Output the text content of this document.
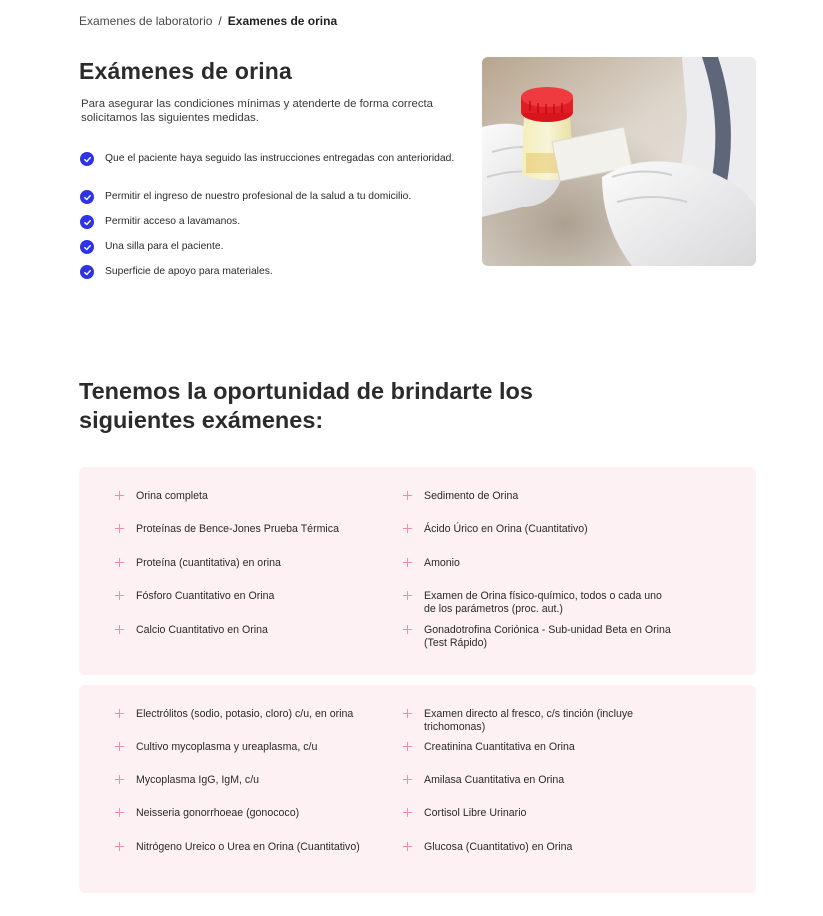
Examenes de laboratorio / Examenes de orina
Exámenes de orina

Para asegurar las condiciones mínimas y atenderte de forma correcta solicitamos las siguientes medidas.

Que el paciente haya seguido las instrucciones entregadas con anterioridad.
Permitir el ingreso de nuestro profesional de la salud a tu domicilio.
Permitir acceso a lavamanos.
Una silla para el paciente.
Superficie de apoyo para materiales.
Tenemos la oportunidad de brindarte los siguientes exámenes:
Orina completa
Proteínas de Bence-Jones Prueba Térmica
Proteína (cuantitativa) en orina
Fósforo Cuantitativo en Orina
Calcio Cuantitativo en Orina
Sedimento de Orina
Ácido Úrico en Orina (Cuantitativo)
Amonio
Examen de Orina físico-químico, todos o cada uno de los parámetros (proc. aut.)
Gonadotrofina Coriónica - Sub-unidad Beta en Orina (Test Rápido)
Electrólitos (sodio, potasio, cloro) c/u, en orina
Cultivo mycoplasma y ureaplasma, c/u
Mycoplasma IgG, IgM, c/u
Neisseria gonorrhoeae (gonococo)
Nitrógeno Ureico o Urea en Orina (Cuantitativo)
Examen directo al fresco, c/s tinción (incluye trichomonas)
Creatinina Cuantitativa en Orina
Amilasa Cuantitativa en Orina
Cortisol Libre Urinario
Glucosa (Cuantitativo) en Orina
